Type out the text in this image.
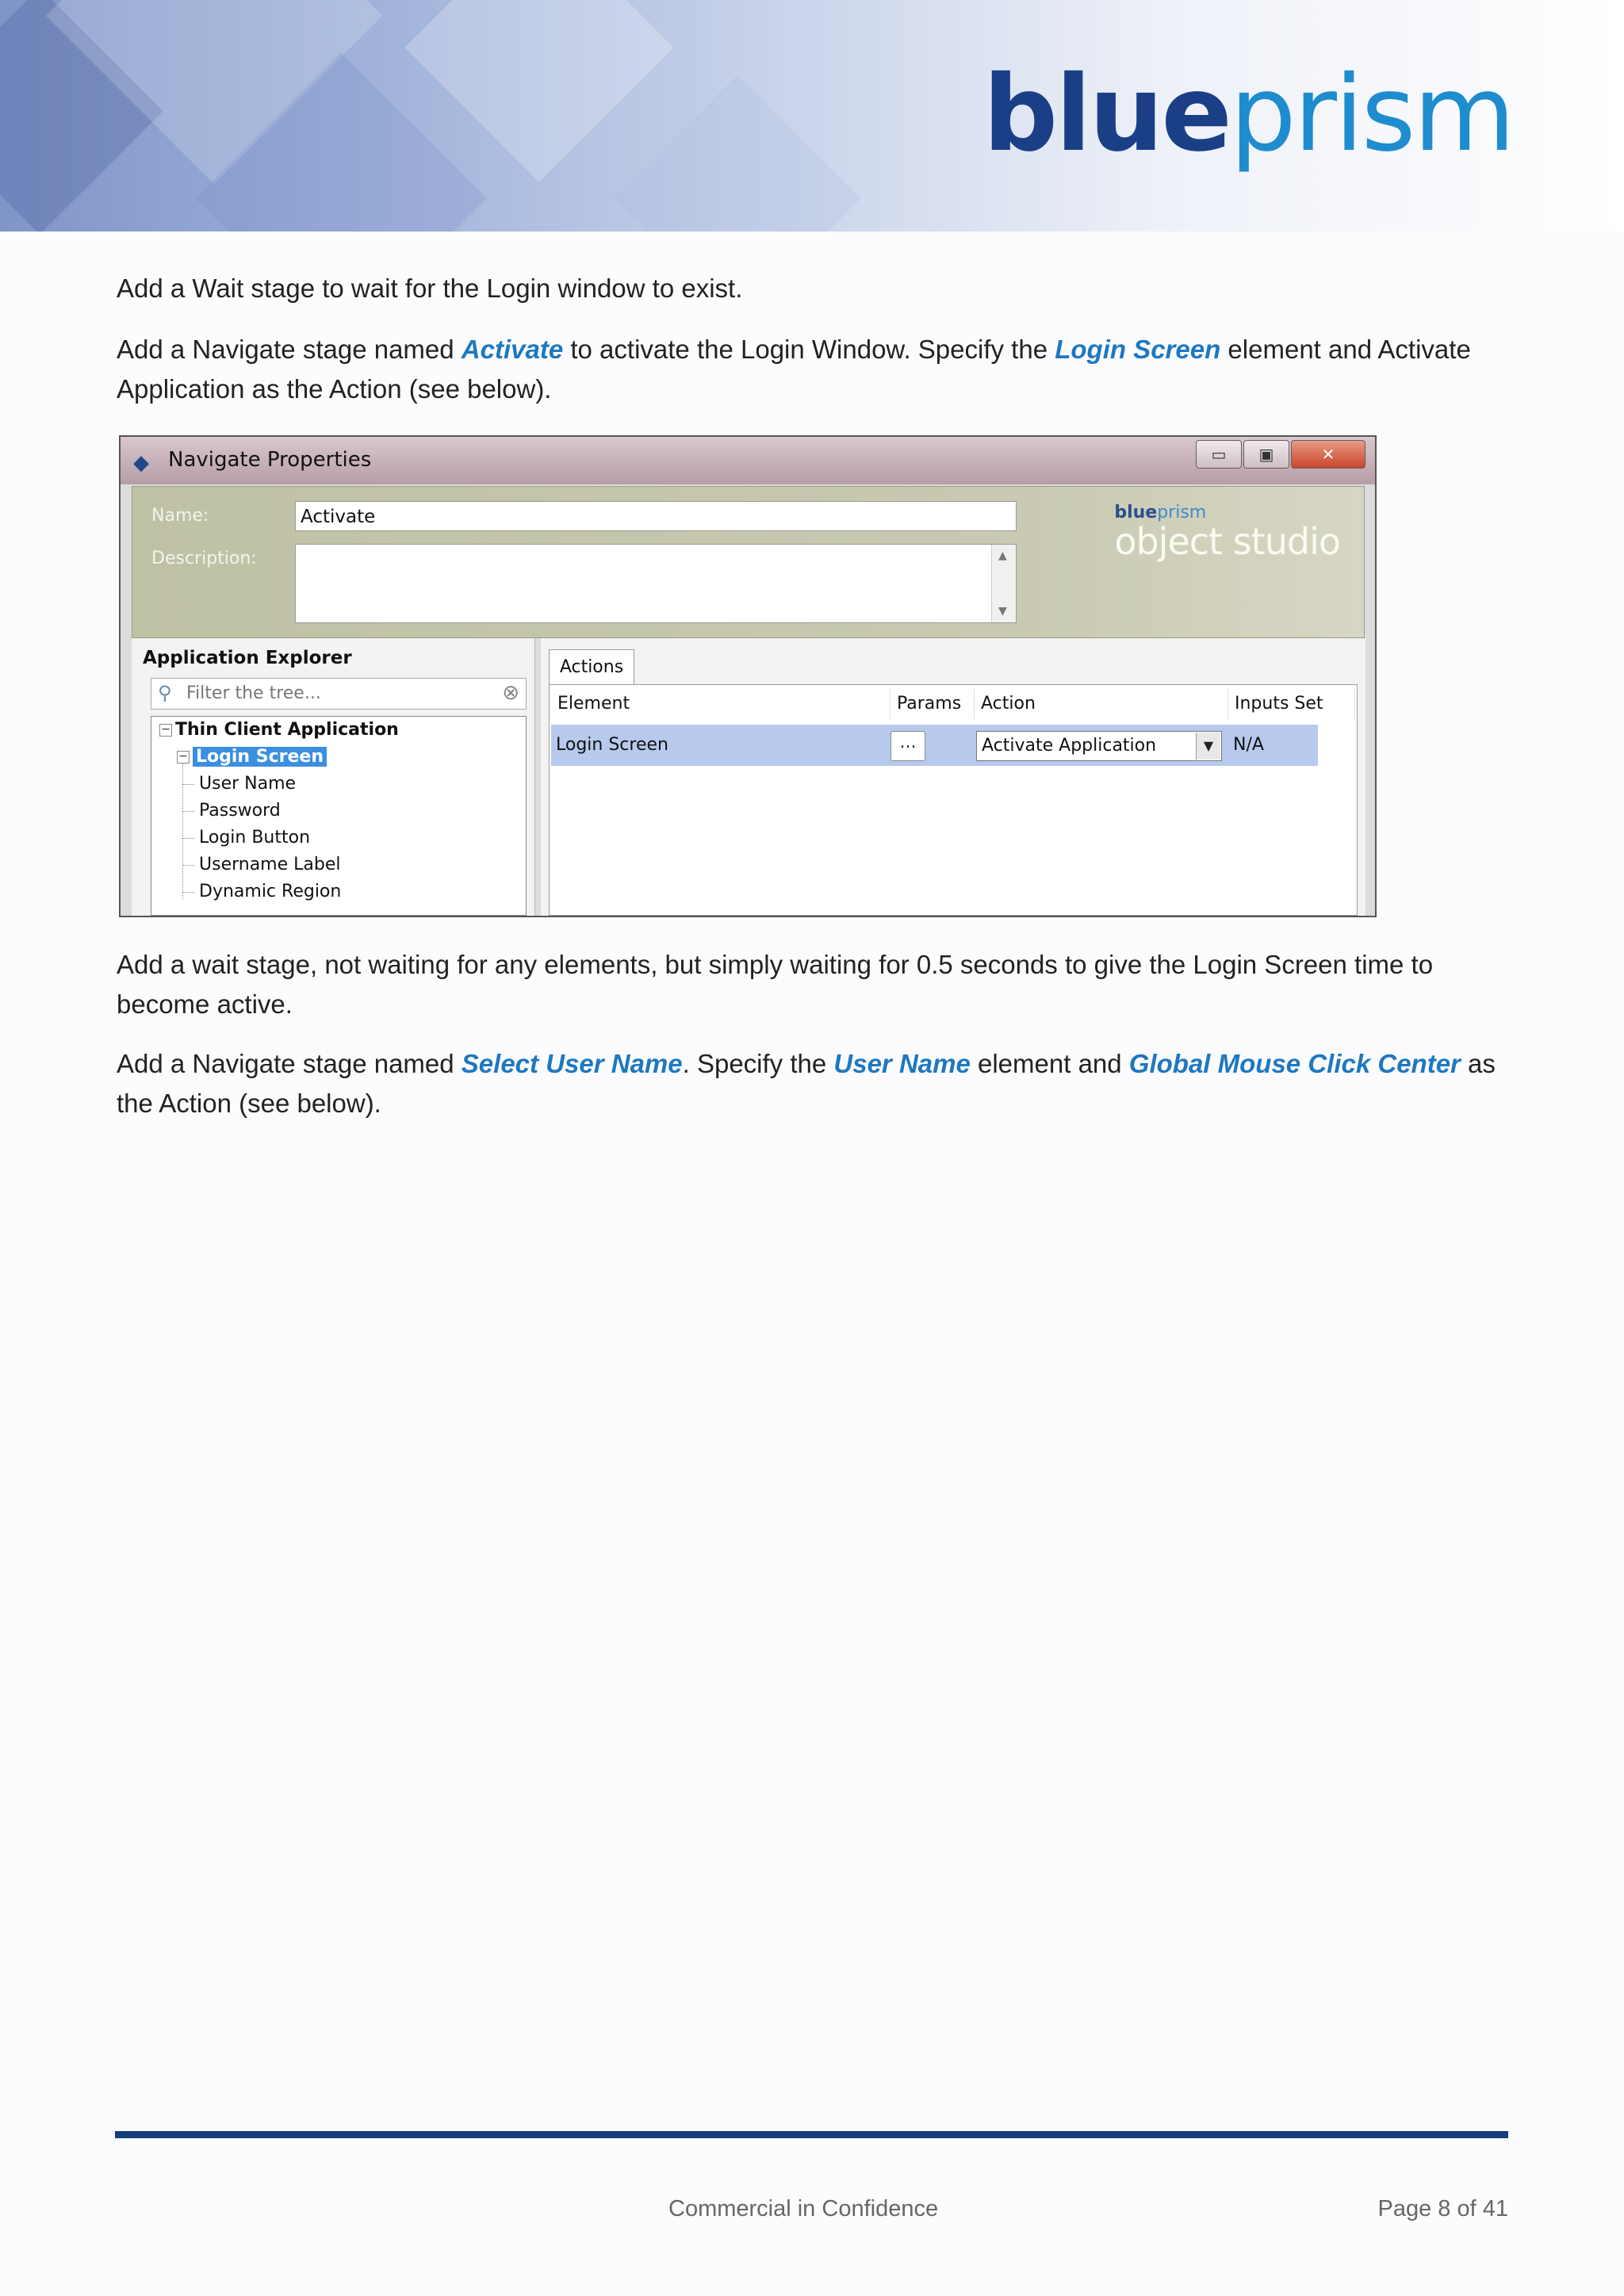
blueprism
Add a Wait stage to wait for the Login window to exist.
Add a Navigate stage named Activate to activate the Login Window. Specify the Login Screen element and Activate Application as the Action (see below).
◆ Navigate Properties	▭	▣	✕
Name:	Activate
Description:	▲
▼
blueprism
object studio
Application Explorer
⚲ Filter the tree...	⊗
− Thin Client Application
− Login Screen
User Name
Password
Login Button
Username Label
Dynamic Region
Actions
Element	Params	Action	Inputs Set
Login Screen	...	Activate Application	▼	N/A
Add a wait stage, not waiting for any elements, but simply waiting for 0.5 seconds to give the Login Screen time to become active.
Add a Navigate stage named Select User Name. Specify the User Name element and Global Mouse Click Center as the Action (see below).
Commercial in Confidence	Page 8 of 41
